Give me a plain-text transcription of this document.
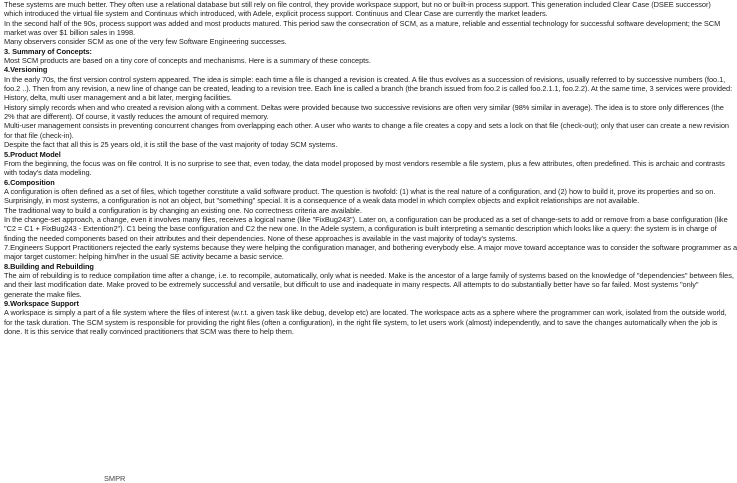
These systems are much better. They often use a relational database but still rely on file control, they provide workspace support, but no or built-in process support. This generation included Clear Case (DSEE successor)
which introduced the virtual file system and Continuus which introduced, with Adele, explicit process support. Continuus and Clear Case are currently the market leaders.
In the second half of the 90s, process support was added and most products matured. This period saw the consecration of SCM, as a mature, reliable and essential technology for successful software development; the SCM
market was over $1 billion sales in 1998.
Many observers consider SCM as one of the very few Software Engineering successes.
3. Summary of Concepts:
Most SCM products are based on a tiny core of concepts and mechanisms. Here is a summary of these concepts.
4.Versioning
In the early 70s, the first version control system appeared. The idea is simple: each time a file is changed a revision is created. A file thus evolves as a succession of revisions, usually referred to by successive numbers (foo.1,
foo.2 ..). Then from any revision, a new line of change can be created, leading to a revision tree. Each line is called a branch (the branch issued from foo.2 is called foo.2.1.1, foo.2.2). At the same time, 3 services were provided:
History, delta, multi user management and a bit later, merging facilities.
History simply records when and who created a revision along with a comment. Deltas were provided because two successive revisions are often very similar (98% similar in average). The idea is to store only differences (the
2% that are different). Of course, it vastly reduces the amount of required memory.
Multi-user management consists in preventing concurrent changes from overlapping each other. A user who wants to change a file creates a copy and sets a lock on that file (check-out); only that user can create a new revision
for that file (check-in).
Despite the fact that all this is 25 years old, it is still the base of the vast majority of today SCM systems.
5.Product Model
From the beginning, the focus was on file control. It is no surprise to see that, even today, the data model proposed by most vendors resemble a file system, plus a few attributes, often predefined. This is archaic and contrasts
with today's data modeling.
6.Composition
A configuration is often defined as a set of files, which together constitute a valid software product. The question is twofold: (1) what is the real nature of a configuration, and (2) how to build it, prove its properties and so on.
Surprisingly, in most systems, a configuration is not an object, but "something" special. It is a consequence of a weak data model in which complex objects and explicit relationships are not available.
The traditional way to build a configuration is by changing an existing one. No correctness criteria are available.
In the change-set approach, a change, even it involves many files, receives a logical name (like "FixBug243"). Later on, a configuration can be produced as a set of change-sets to add or remove from a base configuration (like
"C2 = C1 + FixBug243 - Extention2"). C1 being the base configuration and C2 the new one. In the Adele system, a configuration is built interpreting a semantic description which looks like a query: the system is in charge of
finding the needed components based on their attributes and their dependencies. None of these approaches is available in the vast majority of today's systems.
7.Engineers Support Practitioners rejected the early systems because they were helping the configuration manager, and bothering everybody else. A major move toward acceptance was to consider the software programmer as a
major target customer: helping him/her in the usual SE activity became a basic service.
8.Building and Rebuilding
The aim of rebuilding is to reduce compilation time after a change, i.e. to recompile, automatically, only what is needed. Make is the ancestor of a large family of systems based on the knowledge of "dependencies" between files,
and their last modification date. Make proved to be extremely successful and versatile, but difficult to use and inadequate in many respects. All attempts to do substantially better have so far failed. Most systems "only"
generate the make files.
9.Workspace Support
A workspace is simply a part of a file system where the files of interest (w.r.t. a given task like debug, develop etc) are located. The workspace acts as a sphere where the programmer can work, isolated from the outside world,
for the task duration. The SCM system is responsible for providing the right files (often a configuration), in the right file system, to let users work (almost) independently, and to save the changes automatically when the job is
done. It is this service that really convinced practitioners that SCM was there to help them.
SMPR
